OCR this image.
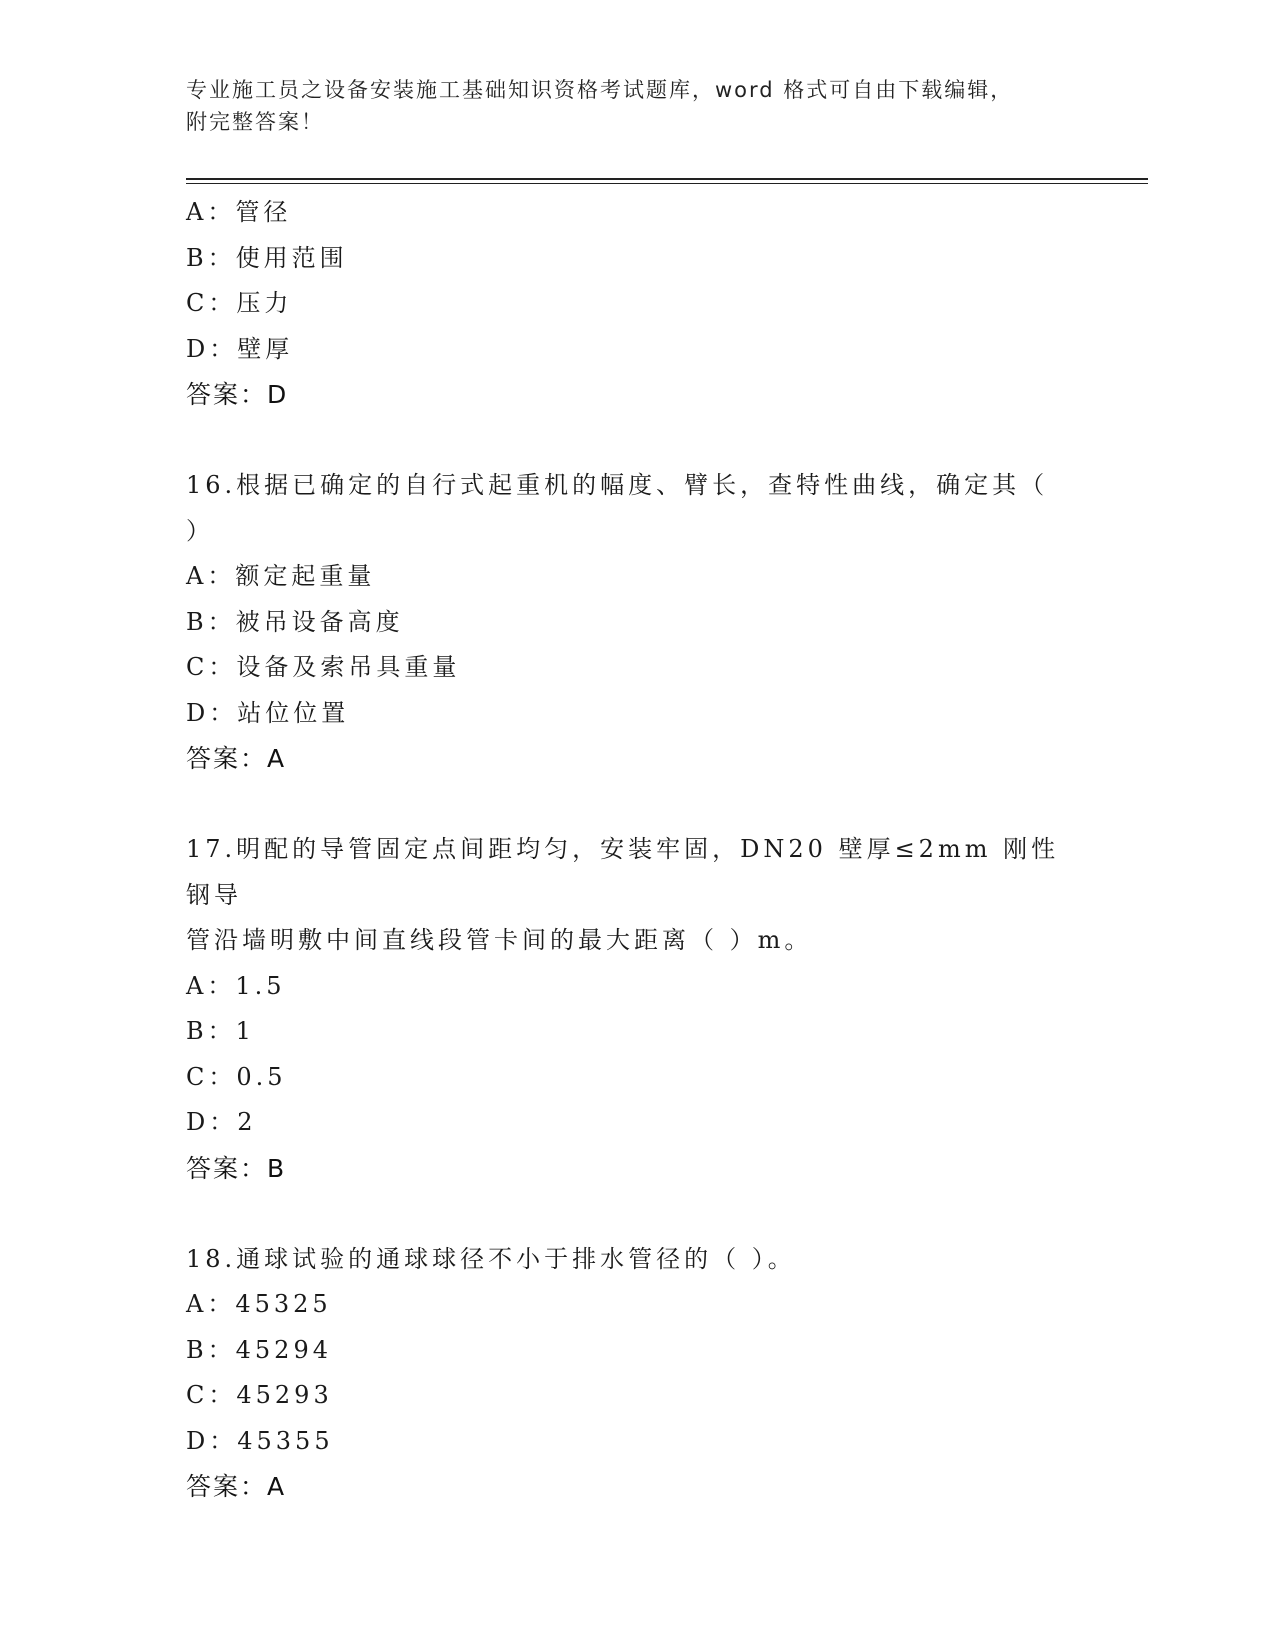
专业施工员之设备安装施工基础知识资格考试题库，word 格式可自由下载编辑，
附完整答案！
A：管径
B：使用范围
C：压力
D：壁厚
答案：D
16.根据已确定的自行式起重机的幅度、臂长，查特性曲线，确定其（
）
A：额定起重量
B：被吊设备高度
C：设备及索吊具重量
D：站位位置
答案：A
17.明配的导管固定点间距均匀，安装牢固，DN20 壁厚≤2mm 刚性钢导
管沿墙明敷中间直线段管卡间的最大距离（ ）m。
A：1.5
B：1
C：0.5
D：2
答案：B
18.通球试验的通球球径不小于排水管径的（ ）。
A：45325
B：45294
C：45293
D：45355
答案：A
